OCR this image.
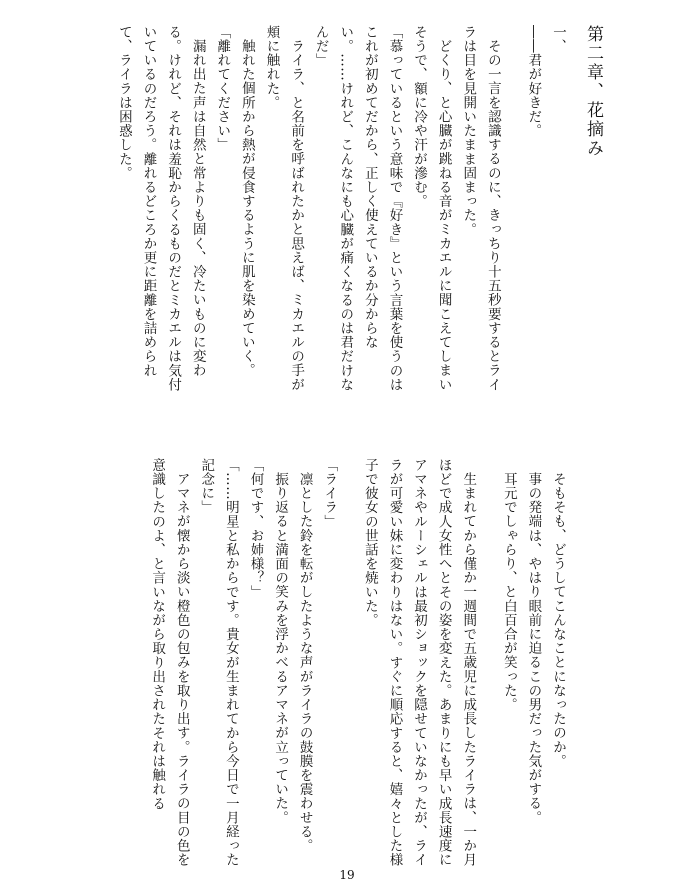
第二章、花摘み

一、

――君が好きだ。

その一言を認識するのに、きっちり十五秒要するとライラは目を見開いたまま固まった。

どくり、と心臓が跳ねる音がミカエルに聞こえてしまいそうで、額に冷や汗が滲む。

「慕っているという意味で『好き』という言葉を使うのはこれが初めてだから、正しく使えているか分からない。……けれど、こんなにも心臓が痛くなるのは君だけなんだ」

ライラ、と名前を呼ばれたかと思えば、ミカエルの手が頬に触れた。

触れた個所から熱が侵食するように肌を染めていく。

「離れてください」

漏れ出た声は自然と常よりも固く、冷たいものに変わる。けれど、それは羞恥からくるものだとミカエルは気付いているのだろう。離れるどころか更に距離を詰められて、ライラは困惑した。

そもそも、どうしてこんなことになったのか。

事の発端は、やはり眼前に迫るこの男だった気がする。

耳元でしゃらり、と白百合が笑った。

生まれてから僅か一週間で五歳児に成長したライラは、一か月ほどで成人女性へとその姿を変えた。あまりにも早い成長速度にアマネやルーシェルは最初ショックを隠せていなかったが、ライラが可愛い妹に変わりはない。すぐに順応すると、嬉々とした様子で彼女の世話を焼いた。

「ライラ」

凛とした鈴を転がしたような声がライラの鼓膜を震わせる。

振り返ると満面の笑みを浮かべるアマネが立っていた。

「何です、お姉様？」

「……明星と私からです。貴女が生まれてから今日で一月経った記念に」

アマネが懐から淡い橙色の包みを取り出す。ライラの目の色を意識したのよ、と言いながら取り出されたそれは触れる

19
